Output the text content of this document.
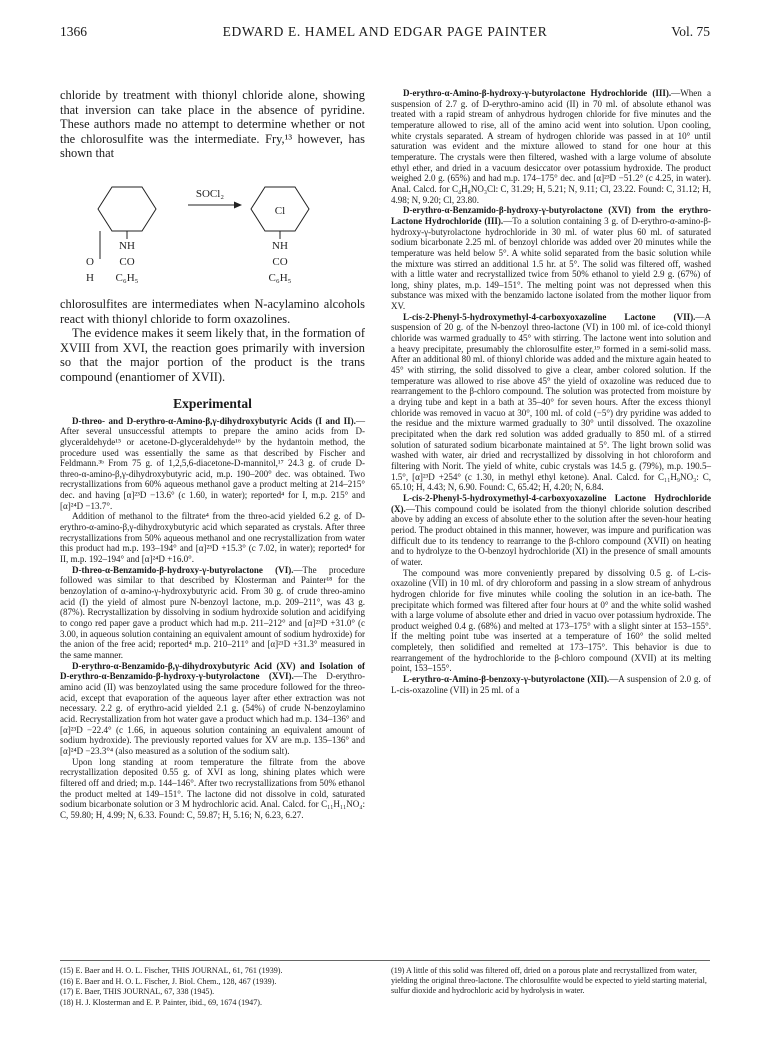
1366	EDWARD E. HAMEL AND EDGAR PAGE PAINTER	Vol. 75

chloride by treatment with thionyl chloride alone, showing that inversion can take place in the absence of pyridine. These authors made no attempt to determine whether or not the chlorosulfite was the intermediate. Fry,¹³ however, has shown that

SOCl₂
Cl
NH
O CO
H C₆H₅
NH
CO
C₆H₅

chlorosulfites are intermediates when N-acylamino alcohols react with thionyl chloride to form oxazolines.

The evidence makes it seem likely that, in the formation of XVIII from XVI, the reaction goes primarily with inversion so that the major portion of the product is the trans compound (enantiomer of XVII).

Experimental

D-threo- and D-erythro-α-Amino-β,γ-dihydroxybutyric Acids (I and II).—After several unsuccessful attempts to prepare the amino acids from D-glyceraldehyde¹⁵ or acetone-D-glyceraldehyde¹⁶ by the hydantoin method, the procedure used was essentially the same as that described by Fischer and Feldmann.³ᵇ From 75 g. of 1,2,5,6-diacetone-D-mannitol,¹⁷ 24.3 g. of crude D-threo-α-amino-β,γ-dihydroxybutyric acid, m.p. 190–200° dec. was obtained. Two recrystallizations from 60% aqueous methanol gave a product melting at 214–215° dec. and having [α]²³D −13.6° (c 1.60, in water); reported⁴ for I, m.p. 215° and [α]²⁴D −13.7°.

Addition of methanol to the filtrate⁴ from the threo-acid yielded 6.2 g. of D-erythro-α-amino-β,γ-dihydroxybutyric acid which separated as crystals. After three recrystallizations from 50% aqueous methanol and one recrystallization from water this product had m.p. 193–194° and [α]²³D +15.3° (c 7.02, in water); reported⁴ for II, m.p. 192–194° and [α]²⁴D +16.0°.

D-threo-α-Benzamido-β-hydroxy-γ-butyrolactone (VI).—The procedure followed was similar to that described by Klosterman and Painter¹⁸ for the benzoylation of α-amino-γ-hydroxybutyric acid. From 30 g. of crude threo-amino acid (I) the yield of almost pure N-benzoyl lactone, m.p. 209–211°, was 43 g. (87%). Recrystallization by dissolving in sodium hydroxide solution and acidifying to congo red paper gave a product which had m.p. 211–212° and [α]²³D +31.0° (c 3.00, in aqueous solution containing an equivalent amount of sodium hydroxide) for the anion of the free acid; reported⁴ m.p. 210–211° and [α]²¹D +31.3° measured in the same manner.

D-erythro-α-Benzamido-β,γ-dihydroxybutyric Acid (XV) and Isolation of D-erythro-α-Benzamido-β-hydroxy-γ-butyrolactone (XVI).—The D-erythro-amino acid (II) was benzoylated using the same procedure followed for the threo-acid, except that evaporation of the aqueous layer after ether extraction was not necessary. 2.2 g. of erythro-acid yielded 2.1 g. (54%) of crude N-benzoylamino acid. Recrystallization from hot water gave a product which had m.p. 134–136° and [α]²³D −22.4° (c 1.66, in aqueous solution containing an equivalent amount of sodium hydroxide). The previously reported values for XV are m.p. 135–136° and [α]²⁴D −23.3°⁴ (also measured as a solution of the sodium salt).

Upon long standing at room temperature the filtrate from the above recrystallization deposited 0.55 g. of XVI as long, shining plates which were filtered off and dried; m.p. 144–146°. After two recrystallizations from 50% ethanol the product melted at 149–151°. The lactone did not dissolve in cold, saturated sodium bicarbonate solution or 3 M hydrochloric acid. Anal. Calcd. for C₁₁H₁₁NO₄: C, 59.80; H, 4.99; N, 6.33. Found: C, 59.87; H, 5.16; N, 6.23, 6.27.

D-erythro-α-Amino-β-hydroxy-γ-butyrolactone Hydrochloride (III).—When a suspension of 2.7 g. of D-erythro-amino acid (II) in 70 ml. of absolute ethanol was treated with a rapid stream of anhydrous hydrogen chloride for five minutes and the temperature allowed to rise, all of the amino acid went into solution. Upon cooling, white crystals separated. A stream of hydrogen chloride was passed in at 10° until saturation was evident and the mixture allowed to stand for one hour at this temperature. The crystals were then filtered, washed with a large volume of absolute ethyl ether, and dried in a vacuum desiccator over potassium hydroxide. The product weighed 2.0 g. (65%) and had m.p. 174–175° dec. and [α]²³D −51.2° (c 4.25, in water). Anal. Calcd. for C₄H₈NO₃Cl: C, 31.29; H, 5.21; N, 9.11; Cl, 23.22. Found: C, 31.12; H, 4.98; N, 9.20; Cl, 23.80.

D-erythro-α-Benzamido-β-hydroxy-γ-butyrolactone (XVI) from the erythro-Lactone Hydrochloride (III).—To a solution containing 3 g. of D-erythro-α-amino-β-hydroxy-γ-butyrolactone hydrochloride in 30 ml. of water plus 60 ml. of saturated sodium bicarbonate 2.25 ml. of benzoyl chloride was added over 20 minutes while the temperature was held below 5°. A white solid separated from the basic solution while the mixture was stirred an additional 1.5 hr. at 5°. The solid was filtered off, washed with a little water and recrystallized twice from 50% ethanol to yield 2.9 g. (67%) of long, shiny plates, m.p. 149–151°. The melting point was not depressed when this substance was mixed with the benzamido lactone isolated from the mother liquor from XV.

L-cis-2-Phenyl-5-hydroxymethyl-4-carboxyoxazoline Lactone (VII).—A suspension of 20 g. of the N-benzoyl threo-lactone (VI) in 100 ml. of ice-cold thionyl chloride was warmed gradually to 45° with stirring. The lactone went into solution and a heavy precipitate, presumably the chlorosulfite ester,¹⁹ formed in a semi-solid mass. After an additional 80 ml. of thionyl chloride was added and the mixture again heated to 45° with stirring, the solid dissolved to give a clear, amber colored solution. If the temperature was allowed to rise above 45° the yield of oxazoline was reduced due to rearrangement to the β-chloro compound. The solution was protected from moisture by a drying tube and kept in a bath at 35–40° for seven hours. After the excess thionyl chloride was removed in vacuo at 30°, 100 ml. of cold (−5°) dry pyridine was added to the residue and the mixture warmed gradually to 30° until dissolved. The oxazoline precipitated when the dark red solution was added gradually to 850 ml. of a stirred solution of saturated sodium bicarbonate maintained at 5°. The light brown solid was washed with water, air dried and recrystallized by dissolving in hot chloroform and filtering with Norit. The yield of white, cubic crystals was 14.5 g. (79%), m.p. 190.5–1.5°, [α]²³D +254° (c 1.30, in methyl ethyl ketone). Anal. Calcd. for C₁₁H₉NO₃: C, 65.10; H, 4.43; N, 6.90. Found: C, 65.42; H, 4.20; N, 6.84.

L-cis-2-Phenyl-5-hydroxymethyl-4-carboxyoxazoline Lactone Hydrochloride (X).—This compound could be isolated from the thionyl chloride solution described above by adding an excess of absolute ether to the solution after the seven-hour heating period. The product obtained in this manner, however, was impure and purification was difficult due to its tendency to rearrange to the β-chloro compound (XVII) on heating and to hydrolyze to the O-benzoyl hydrochloride (XI) in the presence of small amounts of water.

The compound was more conveniently prepared by dissolving 0.5 g. of L-cis-oxazoline (VII) in 10 ml. of dry chloroform and passing in a slow stream of anhydrous hydrogen chloride for five minutes while cooling the solution in an ice-bath. The precipitate which formed was filtered after four hours at 0° and the white solid washed with a large volume of absolute ether and dried in vacuo over potassium hydroxide. The product weighed 0.4 g. (68%) and melted at 173–175° with a slight sinter at 153–155°. If the melting point tube was inserted at a temperature of 160° the solid melted completely, then solidified and remelted at 173–175°. This behavior is due to rearrangement of the hydrochloride to the β-chloro compound (XVII) at its melting point, 153–155°.

L-erythro-α-Amino-β-benzoxy-γ-butyrolactone (XII).—A suspension of 2.0 g. of L-cis-oxazoline (VII) in 25 ml. of a

(15) E. Baer and H. O. L. Fischer, THIS JOURNAL, 61, 761 (1939).

(16) E. Baer and H. O. L. Fischer, J. Biol. Chem., 128, 467 (1939).

(17) E. Baer, THIS JOURNAL, 67, 338 (1945).

(18) H. J. Klosterman and E. P. Painter, ibid., 69, 1674 (1947).

(19) A little of this solid was filtered off, dried on a porous plate and recrystallized from water, yielding the original threo-lactone. The chlorosulfite would be expected to yield starting material, sulfur dioxide and hydrochloric acid by hydrolysis in water.
